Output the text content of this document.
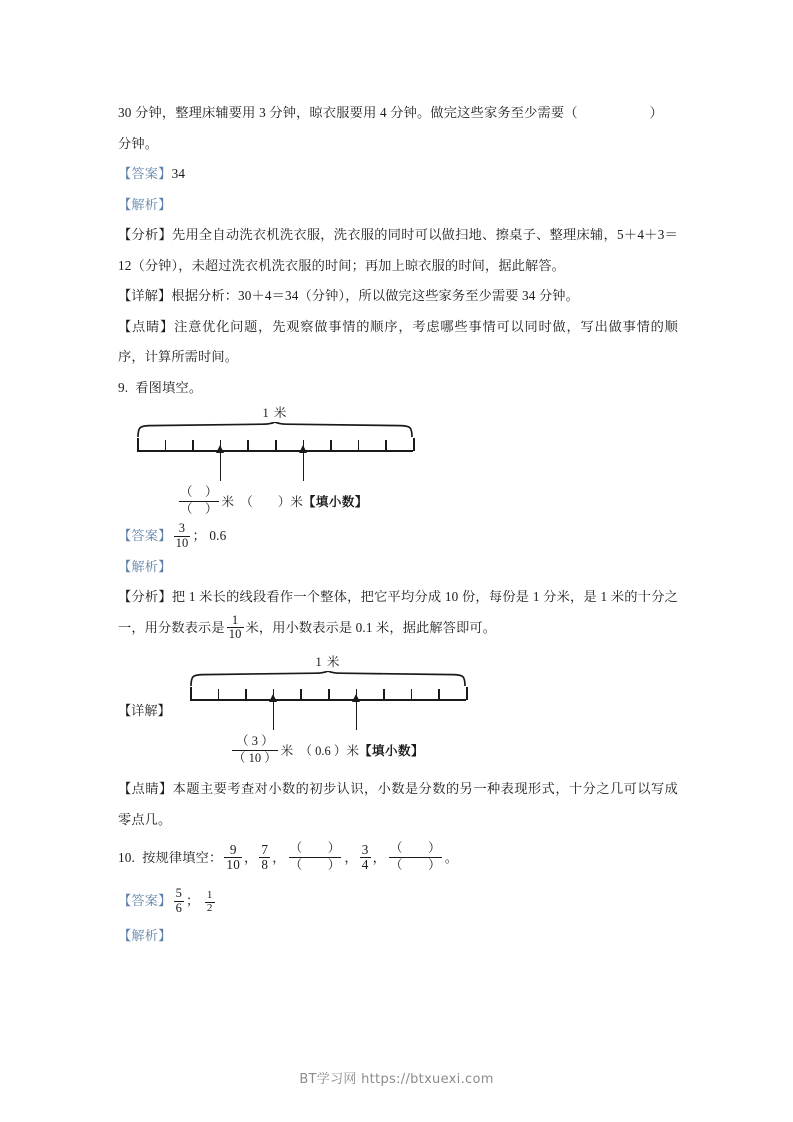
30 分钟，整理床辅要用 3 分钟，晾衣服要用 4 分钟。做完这些家务至少需要（	）
分钟。
【答案】34
【解析】
【分析】先用全自动洗衣机洗衣服，洗衣服的同时可以做扫地、擦桌子、整理床辅，5＋4＋3＝12（分钟），未超过洗衣机洗衣服的时间；再加上晾衣服的时间，据此解答。
【详解】根据分析：30＋4＝34（分钟），所以做完这些家务至少需要 34 分钟。
【点睛】注意优化问题，先观察做事情的顺序，考虑哪些事情可以同时做，写出做事情的顺序，计算所需时间。
9. 看图填空。
1 米
$\frac{( )}{( )}$ 米 （　　 ）米【填小数】
【答案】 $\frac{3}{10}$ ； 0.6
【解析】
【分析】把 1 米长的线段看作一个整体，把它平均分成 10 份，每份是 1 分米，是 1 米的十分之一，用分数表示是 $\frac{1}{10}$ 米，用小数表示是 0.1 米，据此解答即可。
【详解】
1 米
$\frac{( 3 )}{( 10 )}$ 米 （ 0.6 ）米【填小数】
【点睛】本题主要考查对小数的初步认识，小数是分数的另一种表现形式，十分之几可以写成零点几。
10. 按规律填空： $\frac{9}{10}$ ， $\frac{7}{8}$ ， $\frac{( )}{( )}$ ， $\frac{3}{4}$ ， $\frac{( )}{( )}$ 。
【答案】 $\frac{5}{6}$ ； $\frac{1}{2}$
【解析】
BT学习网 https://btxuexi.com
